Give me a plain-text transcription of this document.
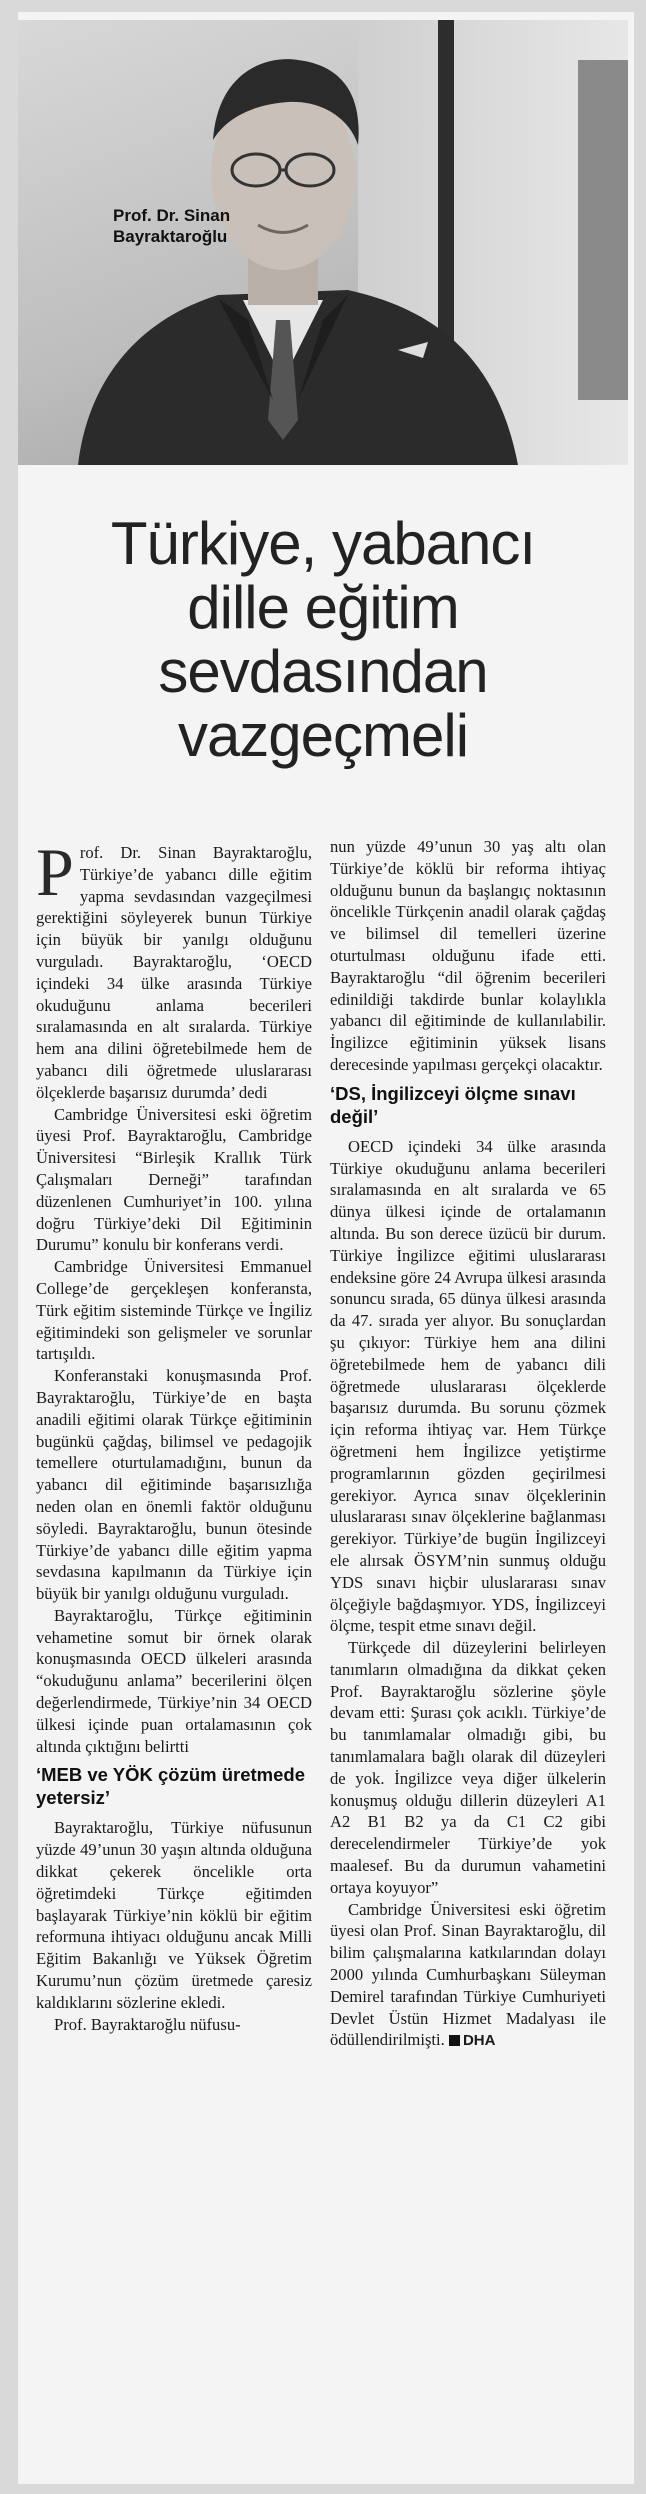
Prof. Dr. Sinan
Bayraktaroğlu
Türkiye, yabancı
dille eğitim
sevdasından
vazgeçmeli

Prof. Dr. Sinan Bayraktaroğlu, Türkiye’de yabancı dille eğitim yapma sevdasından vazgeçilmesi gerektiğini söyleyerek bunun Türkiye için büyük bir yanılgı olduğunu vurguladı. Bayraktaroğlu, ‘OECD içindeki 34 ülke arasında Türkiye okuduğunu anlama becerileri sıralamasında en alt sıralarda. Türkiye hem ana dilini öğretebilmede hem de yabancı dili öğretmede uluslararası ölçeklerde başarısız durumda’ dedi

Cambridge Üniversitesi eski öğretim üyesi Prof. Bayraktaroğlu, Cambridge Üniversitesi “Birleşik Krallık Türk Çalışmaları Derneği” tarafından düzenlenen Cumhuriyet’in 100. yılına doğru Türkiye’deki Dil Eğitiminin Durumu” konulu bir konferans verdi.

Cambridge Üniversitesi Emmanuel College’de gerçekleşen konferansta, Türk eğitim sisteminde Türkçe ve İngiliz eğitimindeki son gelişmeler ve sorunlar tartışıldı.

Konferanstaki konuşmasında Prof. Bayraktaroğlu, Türkiye’de en başta anadili eğitimi olarak Türkçe eğitiminin bugünkü çağdaş, bilimsel ve pedagojik temellere oturtulamadığını, bunun da yabancı dil eğitiminde başarısızlığa neden olan en önemli faktör olduğunu söyledi. Bayraktaroğlu, bunun ötesinde Türkiye’de yabancı dille eğitim yapma sevdasına kapılmanın da Türkiye için büyük bir yanılgı olduğunu vurguladı.

Bayraktaroğlu, Türkçe eğitiminin vehametine somut bir örnek olarak konuşmasında OECD ülkeleri arasında “okuduğunu anlama” becerilerini ölçen değerlendirmede, Türkiye’nin 34 OECD ülkesi içinde puan ortalamasının çok altında çıktığını belirtti

‘MEB ve YÖK çözüm üretmede yetersiz’

Bayraktaroğlu, Türkiye nüfusunun yüzde 49’unun 30 yaşın altında olduğuna dikkat çekerek öncelikle orta öğretimdeki Türkçe eğitimden başlayarak Türkiye’nin köklü bir eğitim reformuna ihtiyacı olduğunu ancak Milli Eğitim Bakanlığı ve Yüksek Öğretim Kurumu’nun çözüm üretmede çaresiz kaldıklarını sözlerine ekledi.

Prof. Bayraktaroğlu nüfusu-

nun yüzde 49’unun 30 yaş altı olan Türkiye’de köklü bir reforma ihtiyaç olduğunu bunun da başlangıç noktasının öncelikle Türkçenin anadil olarak çağdaş ve bilimsel dil temelleri üzerine oturtulması olduğunu ifade etti. Bayraktaroğlu “dil öğrenim becerileri edinildiği takdirde bunlar kolaylıkla yabancı dil eğitiminde de kullanılabilir. İngilizce eğitiminin yüksek lisans derecesinde yapılması gerçekçi olacaktır.

‘DS, İngilizceyi ölçme sınavı değil’

OECD içindeki 34 ülke arasında Türkiye okuduğunu anlama becerileri sıralamasında en alt sıralarda ve 65 dünya ülkesi içinde de ortalamanın altında. Bu son derece üzücü bir durum. Türkiye İngilizce eğitimi uluslararası endeksine göre 24 Avrupa ülkesi arasında sonuncu sırada, 65 dünya ülkesi arasında da 47. sırada yer alıyor. Bu sonuçlardan şu çıkıyor: Türkiye hem ana dilini öğretebilmede hem de yabancı dili öğretmede uluslararası ölçeklerde başarısız durumda. Bu sorunu çözmek için reforma ihtiyaç var. Hem Türkçe öğretmeni hem İngilizce yetiştirme programlarının gözden geçirilmesi gerekiyor. Ayrıca sınav ölçeklerinin uluslararası sınav ölçeklerine bağlanması gerekiyor. Türkiye’de bugün İngilizceyi ele alırsak ÖSYM’nin sunmuş olduğu YDS sınavı hiçbir uluslararası sınav ölçeğiyle bağdaşmıyor. YDS, İngilizceyi ölçme, tespit etme sınavı değil.

Türkçede dil düzeylerini belirleyen tanımların olmadığına da dikkat çeken Prof. Bayraktaroğlu sözlerine şöyle devam etti: Şurası çok acıklı. Türkiye’de bu tanımlamalar olmadığı gibi, bu tanımlamalara bağlı olarak dil düzeyleri de yok. İngilizce veya diğer ülkelerin konuşmuş olduğu dillerin düzeyleri A1 A2 B1 B2 ya da C1 C2 gibi derecelendirmeler Türkiye’de yok maalesef. Bu da durumun vahametini ortaya koyuyor”

Cambridge Üniversitesi eski öğretim üyesi olan Prof. Sinan Bayraktaroğlu, dil bilim çalışmalarına katkılarından dolayı 2000 yılında Cumhurbaşkanı Süleyman Demirel tarafından Türkiye Cumhuriyeti Devlet Üstün Hizmet Madalyası ile ödüllendirilmişti. DHA
